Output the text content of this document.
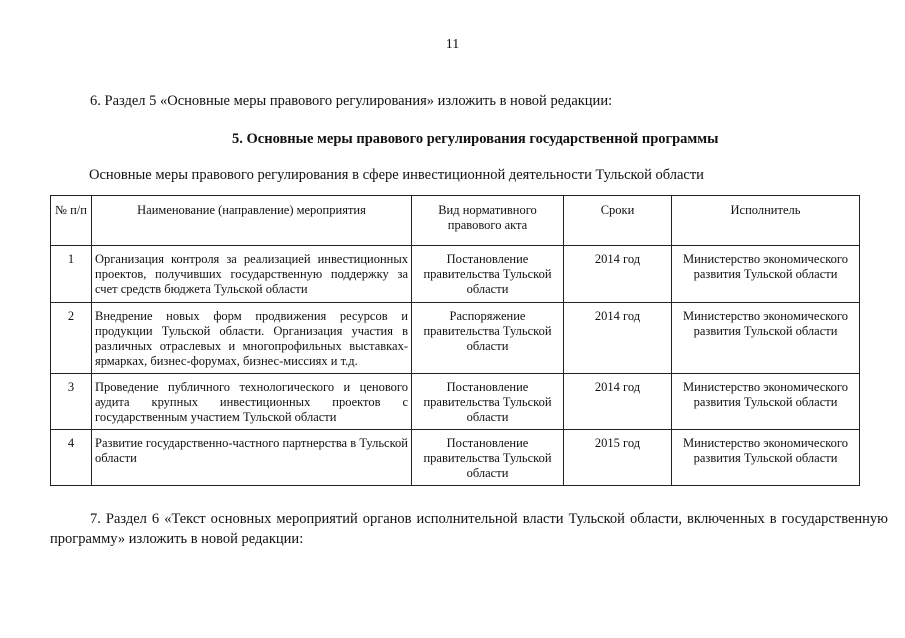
11
6. Раздел 5 «Основные меры правового регулирования» изложить в новой редакции:
5. Основные меры правового регулирования государственной программы
Основные меры правового регулирования в сфере инвестиционной деятельности Тульской области
№ п/п	Наименование (направление) мероприятия	Вид нормативного правового акта	Сроки	Исполнитель
1	Организация контроля за реализацией инвестиционных проектов, получивших государственную поддержку за счет средств бюджета Тульской области	Постановление правительства Тульской области	2014 год	Министерство экономического развития Тульской области
2	Внедрение новых форм продвижения ресурсов и продукции Тульской области. Организация участия в различных отраслевых и многопрофильных выставках-ярмарках, бизнес-форумах, бизнес-миссиях и т.д.	Распоряжение правительства Тульской области	2014 год	Министерство экономического развития Тульской области
3	Проведение публичного технологического и ценового аудита крупных инвестиционных проектов с государственным участием Тульской области	Постановление правительства Тульской области	2014 год	Министерство экономического развития Тульской области
4	Развитие государственно-частного партнерства в Тульской области	Постановление правительства Тульской области	2015 год	Министерство экономического развития Тульской области
7. Раздел 6 «Текст основных мероприятий органов исполнительной власти Тульской области, включенных в государственную программу» изложить в новой редакции:
